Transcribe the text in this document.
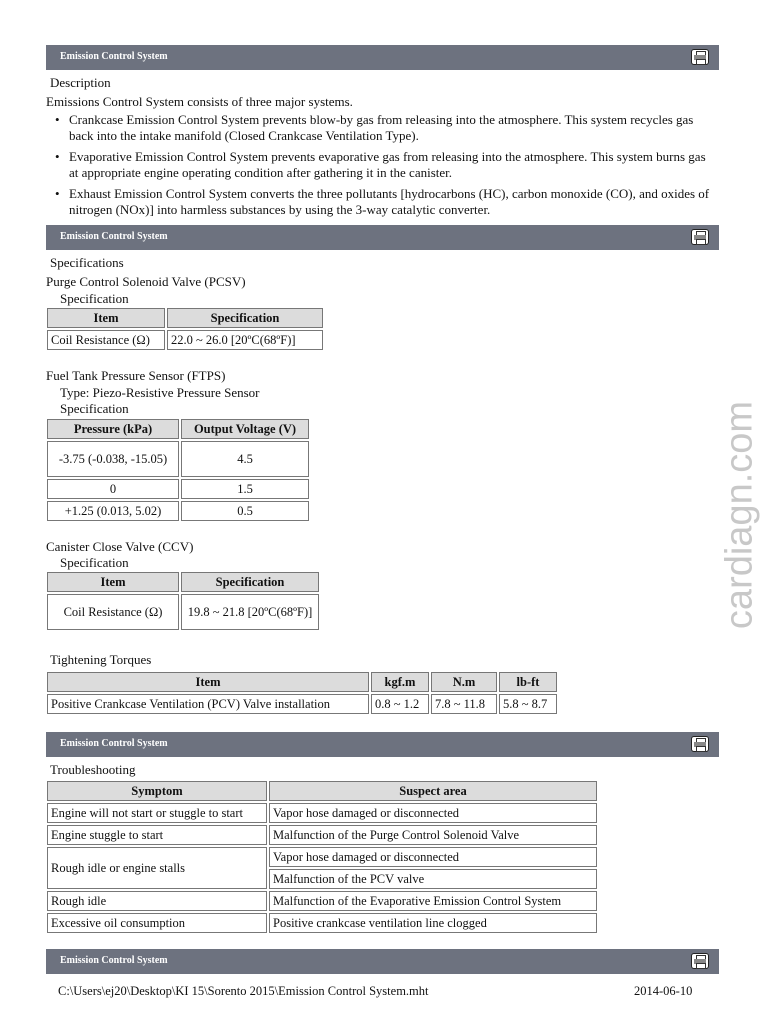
Emission Control System
Description
Emissions Control System consists of three major systems.
• Crankcase Emission Control System prevents blow-by gas from releasing into the atmosphere. This system recycles gas back into the intake manifold (Closed Crankcase Ventilation Type).
• Evaporative Emission Control System prevents evaporative gas from releasing into the atmosphere. This system burns gas at appropriate engine operating condition after gathering it in the canister.
• Exhaust Emission Control System converts the three pollutants [hydrocarbons (HC), carbon monoxide (CO), and oxides of nitrogen (NOx)] into harmless substances by using the 3-way catalytic converter.
Emission Control System
Specifications
Purge Control Solenoid Valve (PCSV)
Specification
Item	Specification
Coil Resistance (Ω)	22.0 ~ 26.0 [20ºC(68ºF)]
Fuel Tank Pressure Sensor (FTPS)
Type: Piezo-Resistive Pressure Sensor
Specification
Pressure (kPa)	Output Voltage (V)
-3.75 (-0.038, -15.05)	4.5
0	1.5
+1.25 (0.013, 5.02)	0.5
Canister Close Valve (CCV)
Specification
Item	Specification
Coil Resistance (Ω)	19.8 ~ 21.8 [20ºC(68ºF)]
Tightening Torques
Item	kgf.m	N.m	lb-ft
Positive Crankcase Ventilation (PCV) Valve installation	0.8 ~ 1.2	7.8 ~ 11.8	5.8 ~ 8.7
Emission Control System
Troubleshooting
Symptom	Suspect area
Engine will not start or stuggle to start	Vapor hose damaged or disconnected
Engine stuggle to start	Malfunction of the Purge Control Solenoid Valve
Rough idle or engine stalls	Vapor hose damaged or disconnected
	Malfunction of the PCV valve
Rough idle	Malfunction of the Evaporative Emission Control System
Excessive oil consumption	Positive crankcase ventilation line clogged
Emission Control System
cardiagn.com
C:\Users\ej20\Desktop\KI 15\Sorento 2015\Emission Control System.mht	2014-06-10
